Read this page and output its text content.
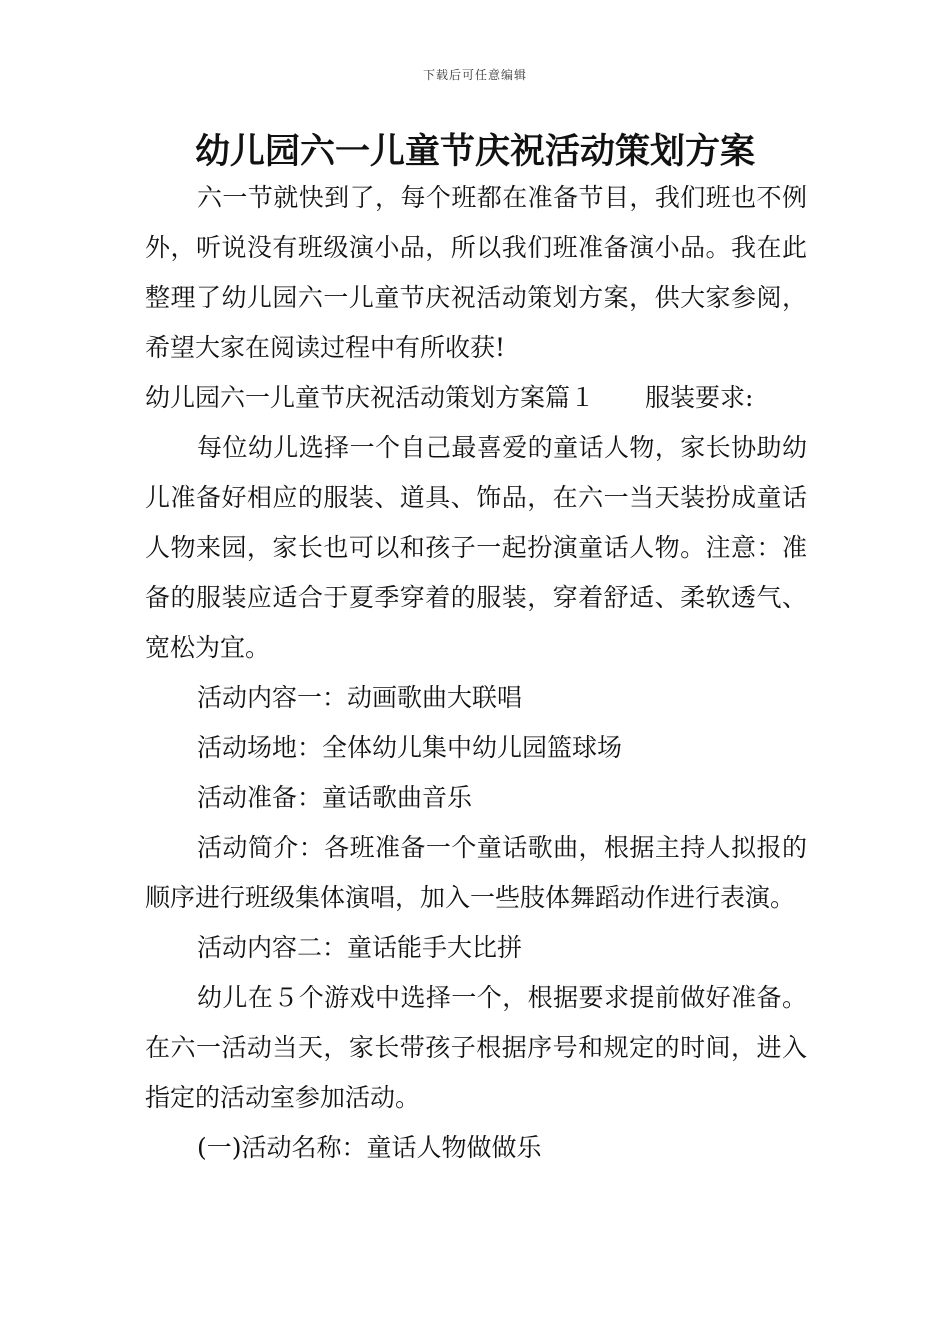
下载后可任意编辑
幼儿园六一儿童节庆祝活动策划方案

六一节就快到了，每个班都在准备节目，我们班也不例外，听说没有班级演小品，所以我们班准备演小品。我在此整理了幼儿园六一儿童节庆祝活动策划方案，供大家参阅，希望大家在阅读过程中有所收获!

幼儿园六一儿童节庆祝活动策划方案篇１　　服装要求:

每位幼儿选择一个自己最喜爱的童话人物，家长协助幼儿准备好相应的服装、道具、饰品，在六一当天装扮成童话人物来园，家长也可以和孩子一起扮演童话人物。注意：准备的服装应适合于夏季穿着的服装，穿着舒适、柔软透气、宽松为宜。

活动内容一：动画歌曲大联唱

活动场地：全体幼儿集中幼儿园篮球场

活动准备：童话歌曲音乐

活动简介：各班准备一个童话歌曲，根据主持人拟报的顺序进行班级集体演唱，加入一些肢体舞蹈动作进行表演。

活动内容二：童话能手大比拼

幼儿在５个游戏中选择一个，根据要求提前做好准备。在六一活动当天，家长带孩子根据序号和规定的时间，进入指定的活动室参加活动。

(一)活动名称：童话人物做做乐
